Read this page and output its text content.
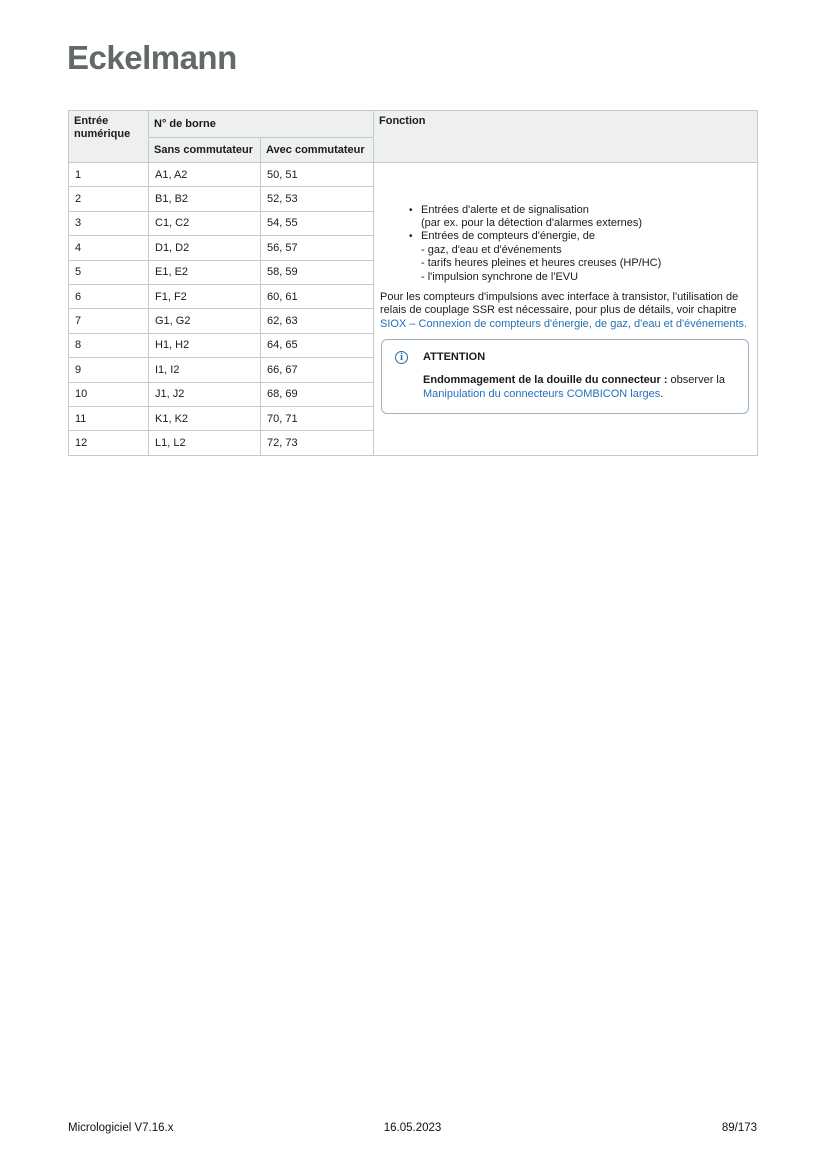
Eckelmann
Entrée numérique	N° de borne		Fonction
	Sans commutateur	Avec commutateur	
1	A1, A2	50, 51	
• Entrées d'alerte et de signalisation
(par ex. pour la détection d'alarmes externes)
• Entrées de compteurs d'énergie, de
- gaz, d'eau et d'événements
- tarifs heures pleines et heures creuses (HP/HC)
- l'impulsion synchrone de l'EVU

Pour les compteurs d'impulsions avec interface à transistor, l'utilisation de relais de couplage SSR est nécessaire, pour plus de détails, voir chapitre SIOX – Connexion de compteurs d'énergie, de gaz, d'eau et d'événements.

i	ATTENTION
Endommagement de la douille du connecteur : observer la Manipulation du connecteurs COMBICON larges.

2	B1, B2	52, 53	
3	C1, C2	54, 55	
4	D1, D2	56, 57	
5	E1, E2	58, 59	
6	F1, F2	60, 61	
7	G1, G2	62, 63	
8	H1, H2	64, 65	
9	I1, I2	66, 67	
10	J1, J2	68, 69	
11	K1, K2	70, 71	
12	L1, L2	72, 73	
Micrologiciel V7.16.x	16.05.2023	89/173
